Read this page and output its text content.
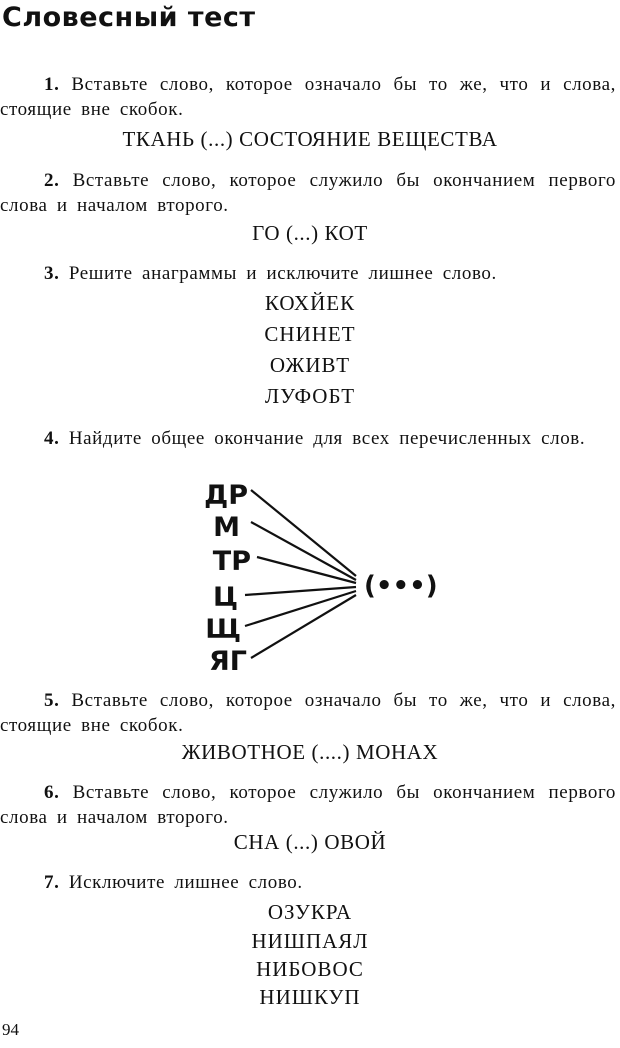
Словесный тест
1. Вставьте слово, которое означало бы то же, что и слова, стоящие вне скобок.
ТКАНЬ (...) СОСТОЯНИЕ ВЕЩЕСТВА
2. Вставьте слово, которое служило бы окончанием первого слова и началом второго.
ГО (...) КОТ
3. Решите анаграммы и исключите лишнее слово.
КОХЙЕК
СНИНЕТ
ОЖИВТ
ЛУФОБТ
4. Найдите общее окончание для всех перечисленных слов.
ДР
М
ТР
Ц
Щ
ЯГ
(•••)
5. Вставьте слово, которое означало бы то же, что и слова, стоящие вне скобок.
ЖИВОТНОЕ (....) МОНАХ
6. Вставьте слово, которое служило бы окончанием первого слова и началом второго.
СНА (...) ОВОЙ
7. Исключите лишнее слово.
ОЗУКРА
НИШПАЯЛ
НИБОВОС
НИШКУП
94
